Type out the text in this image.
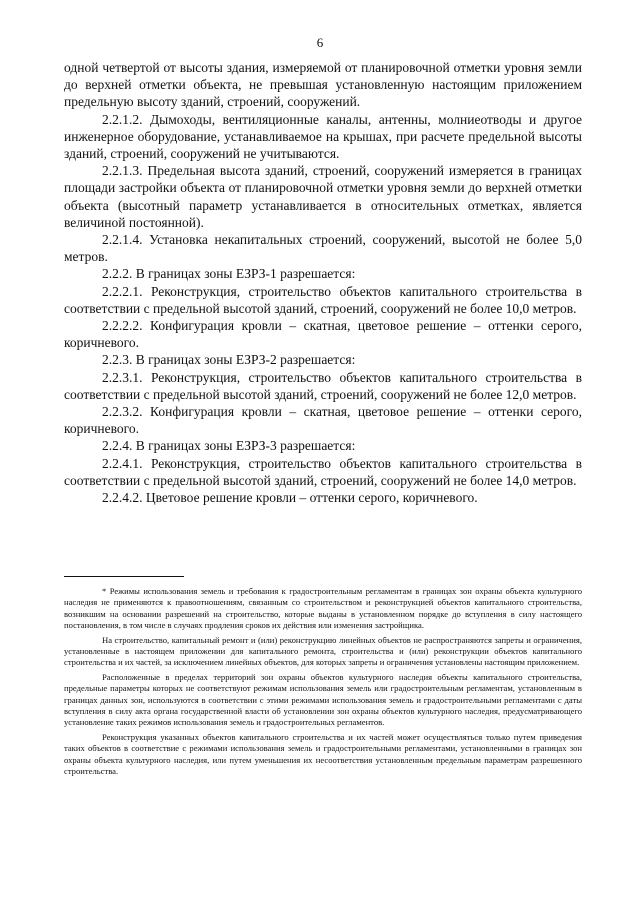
6

одной четвертой от высоты здания, измеряемой от планировочной отметки уровня земли до верхней отметки объекта, не превышая установленную настоящим приложением предельную высоту зданий, строений, сооружений.

2.2.1.2. Дымоходы, вентиляционные каналы, антенны, молниеотводы и другое инженерное оборудование, устанавливаемое на крышах, при расчете предельной высоты зданий, строений, сооружений не учитываются.

2.2.1.3. Предельная высота зданий, строений, сооружений измеряется в границах площади застройки объекта от планировочной отметки уровня земли до верхней отметки объекта (высотный параметр устанавливается в относительных отметках, является величиной постоянной).

2.2.1.4. Установка некапитальных строений, сооружений, высотой не более 5,0 метров.

2.2.2. В границах зоны ЕЗРЗ-1 разрешается:

2.2.2.1. Реконструкция, строительство объектов капитального строительства в соответствии с предельной высотой зданий, строений, сооружений не более 10,0 метров.

2.2.2.2. Конфигурация кровли – скатная, цветовое решение – оттенки серого, коричневого.

2.2.3. В границах зоны ЕЗРЗ-2 разрешается:

2.2.3.1. Реконструкция, строительство объектов капитального строительства в соответствии с предельной высотой зданий, строений, сооружений не более 12,0 метров.

2.2.3.2. Конфигурация кровли – скатная, цветовое решение – оттенки серого, коричневого.

2.2.4. В границах зоны ЕЗРЗ-3 разрешается:

2.2.4.1. Реконструкция, строительство объектов капитального строительства в соответствии с предельной высотой зданий, строений, сооружений не более 14,0 метров.

2.2.4.2. Цветовое решение кровли – оттенки серого, коричневого.

* Режимы использования земель и требования к градостроительным регламентам в границах зон охраны объекта культурного наследия не применяются к правоотношениям, связанным со строительством и реконструкцией объектов капитального строительства, возникшим на основании разрешений на строительство, которые выданы в установленном порядке до вступления в силу настоящего постановления, в том числе в случаях продления сроков их действия или изменения застройщика.

На строительство, капитальный ремонт и (или) реконструкцию линейных объектов не распространяются запреты и ограничения, установленные в настоящем приложении для капитального ремонта, строительства и (или) реконструкции объектов капитального строительства и их частей, за исключением линейных объектов, для которых запреты и ограничения установлены настоящим приложением.

Расположенные в пределах территорий зон охраны объектов культурного наследия объекты капитального строительства, предельные параметры которых не соответствуют режимам использования земель или градостроительным регламентам, установленным в границах данных зон, используются в соответствии с этими режимами использования земель и градостроительными регламентами с даты вступления в силу акта органа государственной власти об установлении зон охраны объектов культурного наследия, предусматривающего установление таких режимов использования земель и градостроительных регламентов.

Реконструкция указанных объектов капитального строительства и их частей может осуществляться только путем приведения таких объектов в соответствие с режимами использования земель и градостроительными регламентами, установленными в границах зон охраны объекта культурного наследия, или путем уменьшения их несоответствия установленным предельным параметрам разрешенного строительства.
